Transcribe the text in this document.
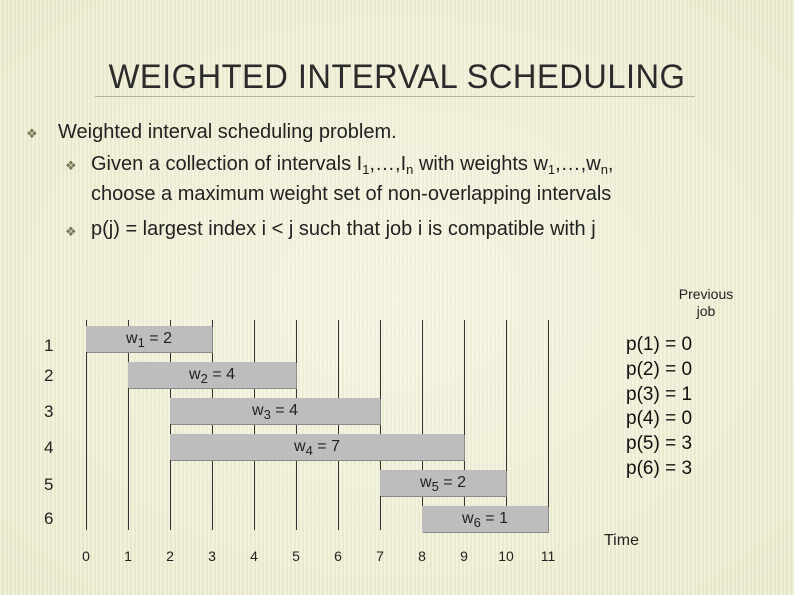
WEIGHTED INTERVAL SCHEDULING
❖ Weighted interval scheduling problem.
❖ Given a collection of intervals $I_1,\dots,I_n$ with weights $w_1,\dots,w_n$,
choose a maximum weight set of non-overlapping intervals
❖ p(j) = largest index i < j such that job i is compatible with j
0	1	2	3	4	5	6	7	8	9	10	11
$w_1 = 2$
1
$w_2 = 4$
2
$w_3 = 4$
3
$w_4 = 7$
4
$w_5 = 2$
5
$w_6 = 1$
6
Previous job
p(1) = 0
p(2) = 0
p(3) = 1
p(4) = 0
p(5) = 3
p(6) = 3
Time
